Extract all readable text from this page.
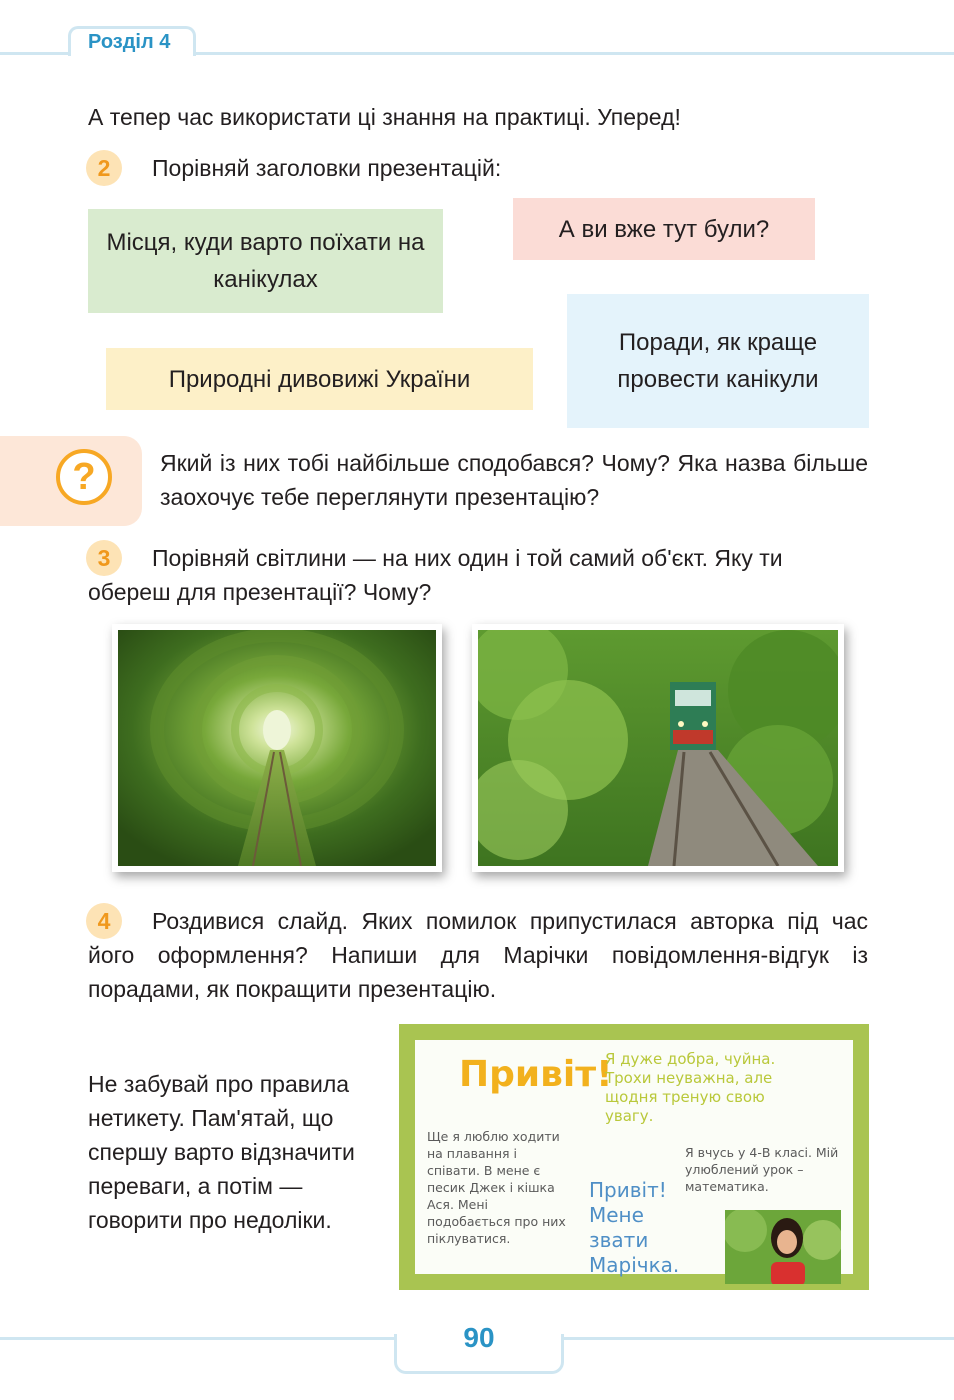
Розділ 4
А тепер час використати ці знання на практиці. Уперед!
2	Порівняй заголовки презентацій:
Місця, куди варто поїхати на канікулах
А ви вже тут були?
Поради, як краще провести канікули
Природні дивовижі України
?	Який із них тобі найбільше сподобався? Чому? Яка назва більше заохочує тебе переглянути презентацію?
3	Порівняй світлини — на них один і той самий об'єкт. Яку ти обереш для презентації? Чому?
4	Роздивися слайд. Яких помилок припустилася авторка під час його оформлення? Напиши для Марічки повідомлення-відгук із порадами, як покращити презентацію.
Не забувай про правила нетикету. Пам'ятай, що спершу варто відзначити переваги, а потім — говорити про недоліки.
Привіт!
Я дуже добра, чуйна. Трохи неуважна, але щодня треную свою увагу.
Ще я люблю ходити на плавання і співати. В мене є песик Джек і кішка Ася. Мені подобається про них піклуватися.
Я вчусь у 4-В класі. Мій улюблений урок – математика.
Привіт! Мене звати Марічка.
90
